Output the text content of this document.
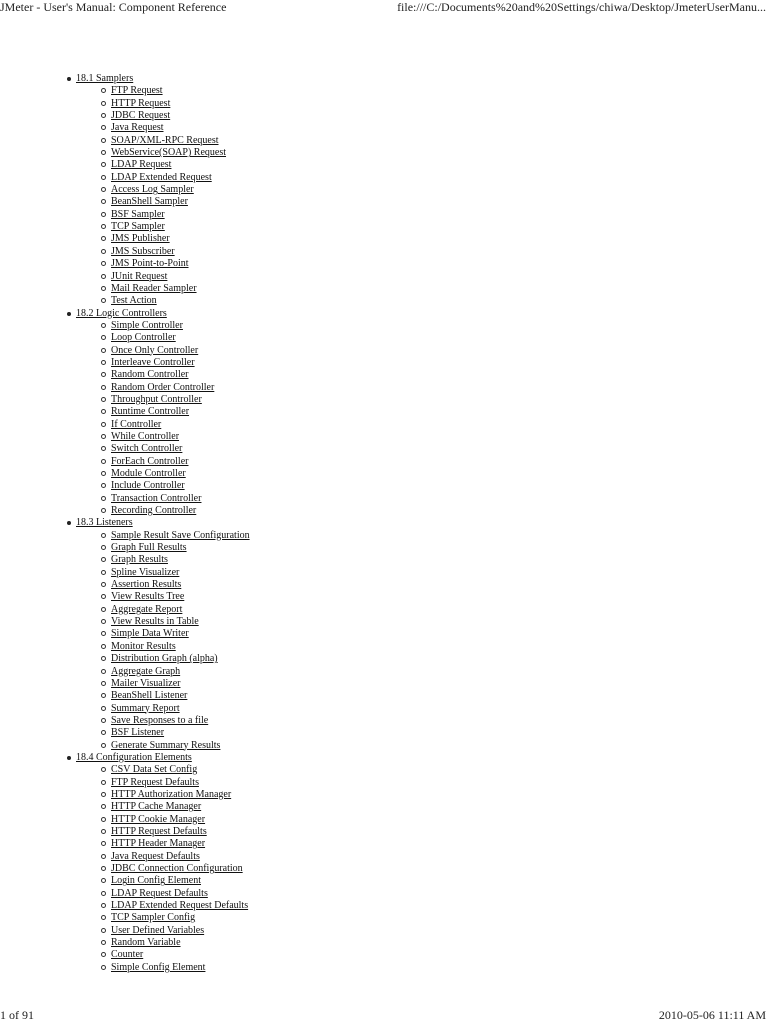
JMeter - User's Manual: Component Reference	file:///C:/Documents%20and%20Settings/chiwa/Desktop/JmeterUserManu...
18.1 Samplers
FTP Request
HTTP Request
JDBC Request
Java Request
SOAP/XML-RPC Request
WebService(SOAP) Request
LDAP Request
LDAP Extended Request
Access Log Sampler
BeanShell Sampler
BSF Sampler
TCP Sampler
JMS Publisher
JMS Subscriber
JMS Point-to-Point
JUnit Request
Mail Reader Sampler
Test Action
18.2 Logic Controllers
Simple Controller
Loop Controller
Once Only Controller
Interleave Controller
Random Controller
Random Order Controller
Throughput Controller
Runtime Controller
If Controller
While Controller
Switch Controller
ForEach Controller
Module Controller
Include Controller
Transaction Controller
Recording Controller
18.3 Listeners
Sample Result Save Configuration
Graph Full Results
Graph Results
Spline Visualizer
Assertion Results
View Results Tree
Aggregate Report
View Results in Table
Simple Data Writer
Monitor Results
Distribution Graph (alpha)
Aggregate Graph
Mailer Visualizer
BeanShell Listener
Summary Report
Save Responses to a file
BSF Listener
Generate Summary Results
18.4 Configuration Elements
CSV Data Set Config
FTP Request Defaults
HTTP Authorization Manager
HTTP Cache Manager
HTTP Cookie Manager
HTTP Request Defaults
HTTP Header Manager
Java Request Defaults
JDBC Connection Configuration
Login Config Element
LDAP Request Defaults
LDAP Extended Request Defaults
TCP Sampler Config
User Defined Variables
Random Variable
Counter
Simple Config Element
1 of 91	2010-05-06 11:11 AM
